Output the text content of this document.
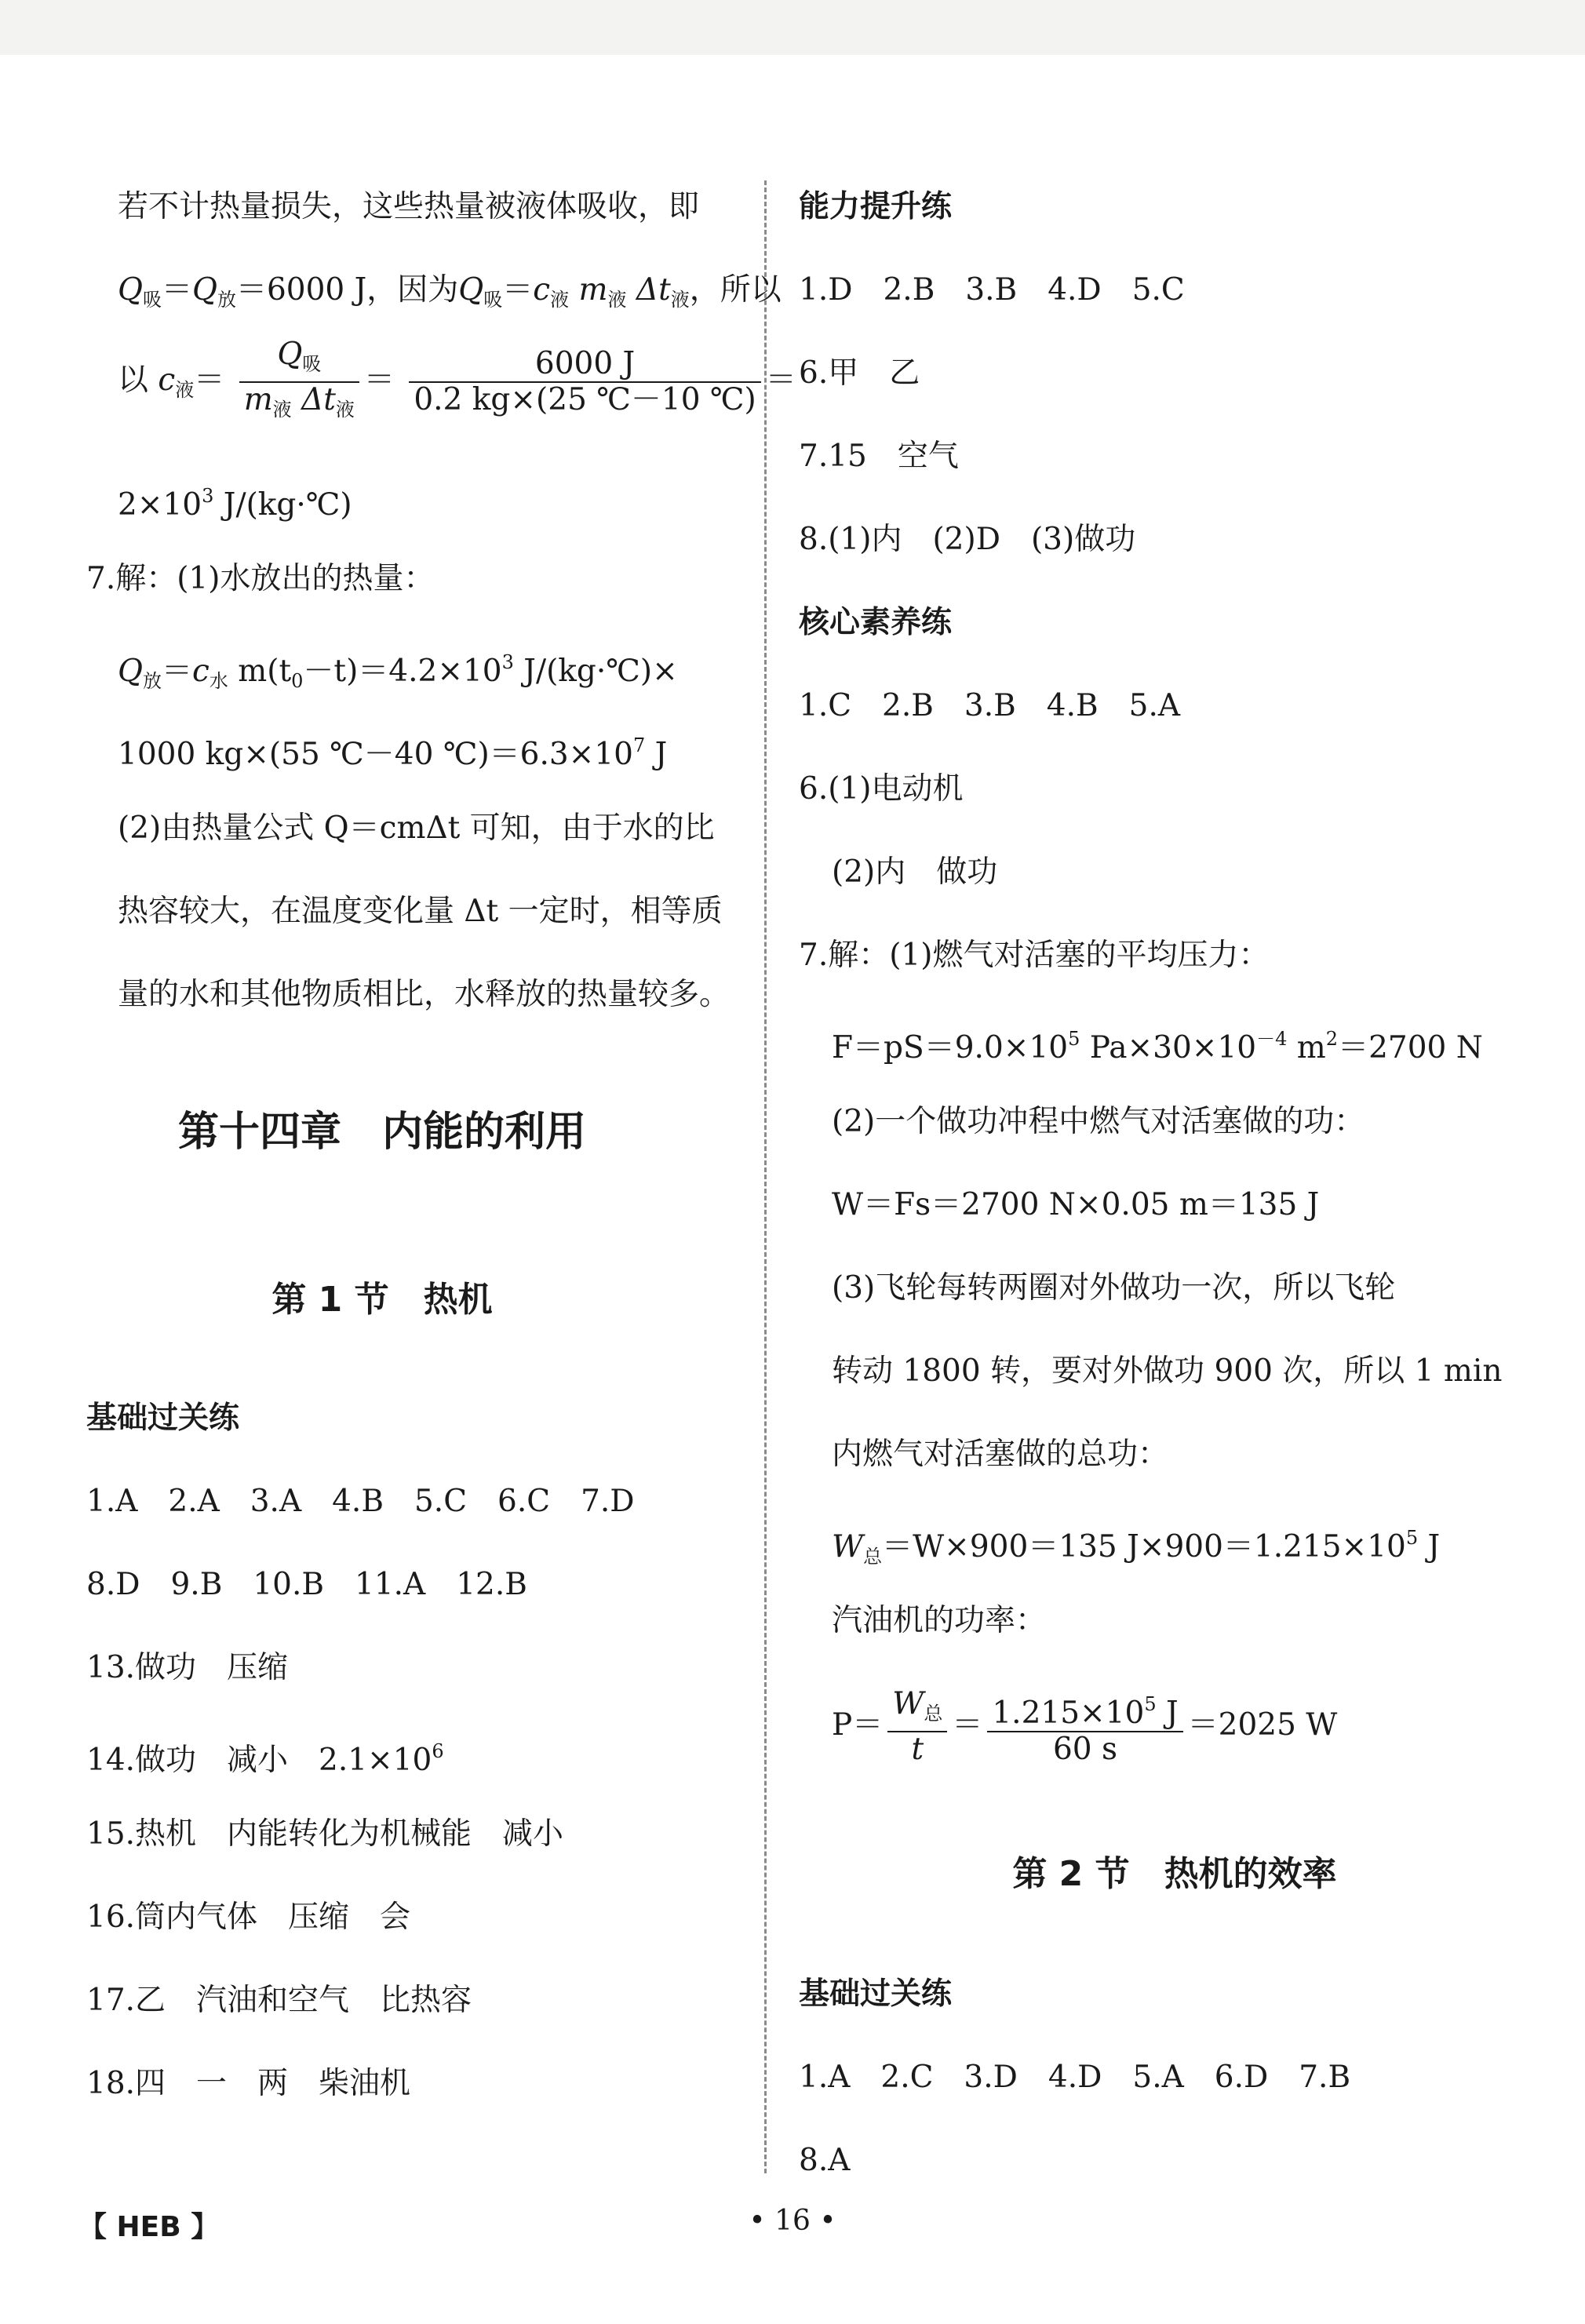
若不计热量损失，这些热量被液体吸收，即
$Q_吸=Q_放=6000$ J，因为$Q_吸=c_液$ $m_液$ $\Delta t_液$，所以
以 $c_液= \frac{Q_吸}{m_液 \Delta t_液} = \frac{6000 J}{0.2 kg\times(25 ℃-10 ℃)}$ ＝
$2\times 10^3$ J/(kg·℃)
7.解：(1)水放出的热量：
$Q_放=c_水$ $m(t_0-t)=4.2\times 10^3$ J/(kg·℃)×
1000 kg×(55 ℃－40 $℃)=6.3\times 10^7$ J
(2)由热量公式 Q＝cmΔt 可知，由于水的比
热容较大，在温度变化量 Δt 一定时，相等质
量的水和其他物质相比，水释放的热量较多。
第十四章　内能的利用
第 1 节　热机
基础过关练
1.A　2.A　3.A　4.B　5.C　6.C　7.D
8.D　9.B　10.B　11.A　12.B
13.做功　压缩
14.做功　减小　$2.1\times 10^6$
15.热机　内能转化为机械能　减小
16.筒内气体　压缩　会
17.乙　汽油和空气　比热容
18.四　一　两　柴油机
能力提升练
1.D　2.B　3.B　4.D　5.C
6.甲　乙
7.15　空气
8.(1)内　(2)D　(3)做功
核心素养练
1.C　2.B　3.B　4.B　5.A
6.(1)电动机
(2)内　做功
7.解：(1)燃气对活塞的平均压力：
$F=pS=9.0\times 10^5$ $Pa\times 30\times 10^{-4}$ $m^2=2700$ N
(2)一个做功冲程中燃气对活塞做的功：
W＝Fs＝2700 N×0.05 m＝135 J
(3)飞轮每转两圈对外做功一次，所以飞轮
转动 1800 转，要对外做功 900 次，所以 1 min
内燃气对活塞做的总功：
$W_总=W\times 900=135$ $J\times 900=1.215\times 10^5$ J
汽油机的功率：
$P= \frac{W_总}{t} = \frac{1.215\times 10^5 J}{60 s} =2025$ W
第 2 节　热机的效率
基础过关练
1.A　2.C　3.D　4.D　5.A　6.D　7.B
8.A
【 HEB 】	• 16 •
